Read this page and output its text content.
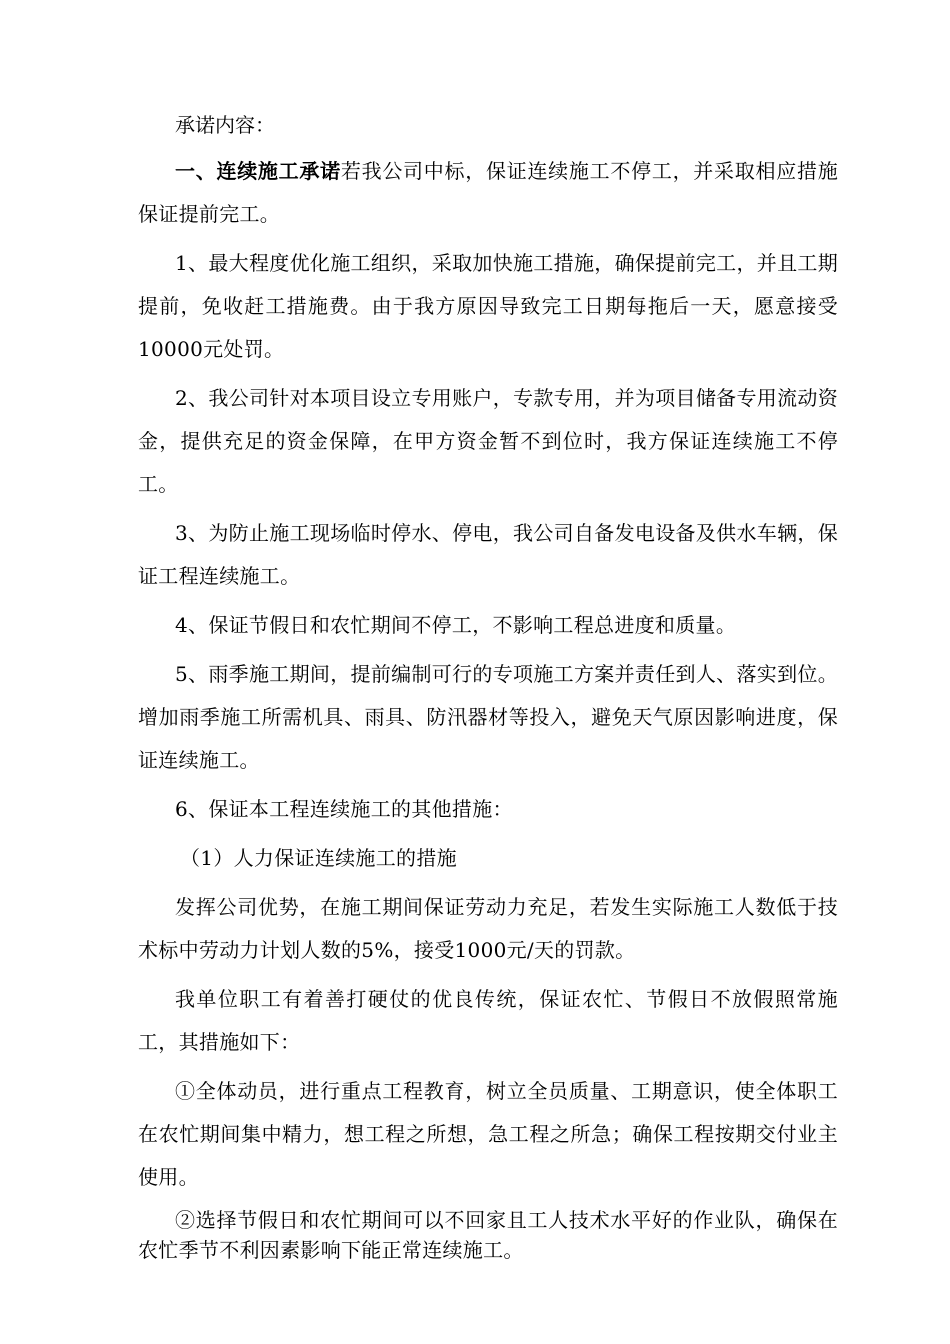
承诺内容：

一、连续施工承诺若我公司中标，保证连续施工不停工，并采取相应措施保证提前完工。

1、最大程度优化施工组织，采取加快施工措施，确保提前完工，并且工期提前，免收赶工措施费。由于我方原因导致完工日期每拖后一天，愿意接受10000元处罚。

2、我公司针对本项目设立专用账户，专款专用，并为项目储备专用流动资金，提供充足的资金保障，在甲方资金暂不到位时，我方保证连续施工不停工。

3、为防止施工现场临时停水、停电，我公司自备发电设备及供水车辆，保证工程连续施工。

4、保证节假日和农忙期间不停工，不影响工程总进度和质量。

5、雨季施工期间，提前编制可行的专项施工方案并责任到人、落实到位。增加雨季施工所需机具、雨具、防汛器材等投入，避免天气原因影响进度，保证连续施工。

6、保证本工程连续施工的其他措施：

（1）人力保证连续施工的措施

发挥公司优势，在施工期间保证劳动力充足，若发生实际施工人数低于技术标中劳动力计划人数的5%，接受1000元/天的罚款。

我单位职工有着善打硬仗的优良传统，保证农忙、节假日不放假照常施工，其措施如下：

①全体动员，进行重点工程教育，树立全员质量、工期意识，使全体职工在农忙期间集中精力，想工程之所想，急工程之所急；确保工程按期交付业主使用。

②选择节假日和农忙期间可以不回家且工人技术水平好的作业队，确保在农忙季节不利因素影响下能正常连续施工。
